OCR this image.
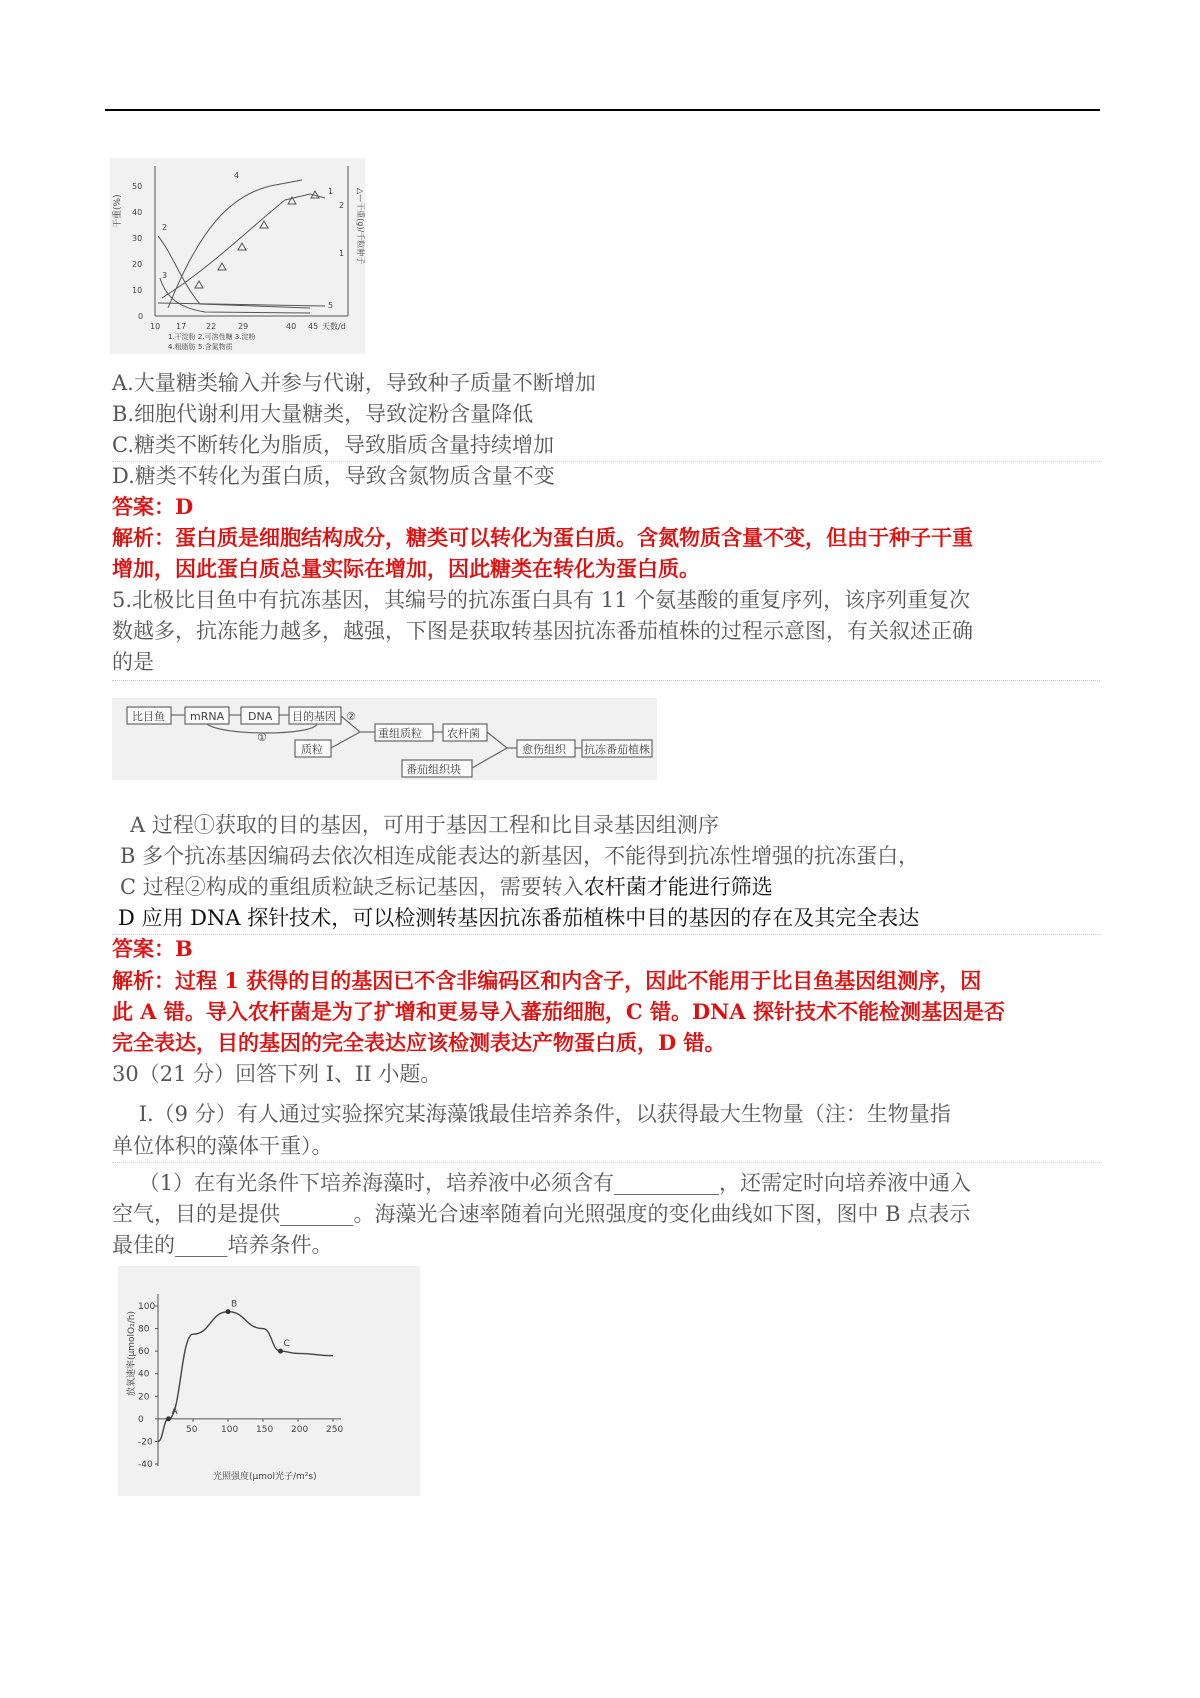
干重(%)	△—干重(g)/千粒种子
50
40
30
20
10
0
2
1
10 17 22	29	40 45 天数/d
1.干淀粉 2.可溶性糖 3.淀粉
4.粗脂肪 5.含氮物质
4
2
3
5
1
A.大量糖类输入并参与代谢，导致种子质量不断增加
B.细胞代谢利用大量糖类，导致淀粉含量降低
C.糖类不断转化为脂质，导致脂质含量持续增加
D.糖类不转化为蛋白质，导致含氮物质含量不变
答案：D
解析：蛋白质是细胞结构成分，糖类可以转化为蛋白质。含氮物质含量不变，但由于种子干重
增加，因此蛋白质总量实际在增加，因此糖类在转化为蛋白质。
5.北极比目鱼中有抗冻基因，其编号的抗冻蛋白具有 11 个氨基酸的重复序列，该序列重复次
数越多，抗冻能力越多，越强，下图是获取转基因抗冻番茄植株的过程示意图，有关叙述正确
的是
比目鱼 mRNA DNA 目的基因
①
②
质粒
重组质粒 农杆菌
番茄组织块
愈伤组织 抗冻番茄植株
A 过程①获取的目的基因，可用于基因工程和比目录基因组测序
B 多个抗冻基因编码去依次相连成能表达的新基因，不能得到抗冻性增强的抗冻蛋白，
C 过程②构成的重组质粒缺乏标记基因，需要转入农杆菌才能进行筛选
D 应用 DNA 探针技术，可以检测转基因抗冻番茄植株中目的基因的存在及其完全表达
答案：B
解析：过程 1 获得的目的基因已不含非编码区和内含子，因此不能用于比目鱼基因组测序，因
此 A 错。导入农杆菌是为了扩增和更易导入蕃茄细胞，C 错。DNA 探针技术不能检测基因是否
完全表达，目的基因的完全表达应该检测表达产物蛋白质，D 错。
30（21 分）回答下列 I、II 小题。
I.（9 分）有人通过实验探究某海藻饿最佳培养条件，以获得最大生物量（注：生物量指
单位体积的藻体干重）。
（1）在有光条件下培养海藻时，培养液中必须含有__________，还需定时向培养液中通入
空气，目的是提供_______。海藻光合速率随着向光照强度的变化曲线如下图，图中 B 点表示
最佳的_____培养条件。
放氧速率(μmolO₂/h)
光照强度(μmol光子/m²s)
100
80
60
40
20
0
-20
-40
50	100 150 200 250
A
B
C
